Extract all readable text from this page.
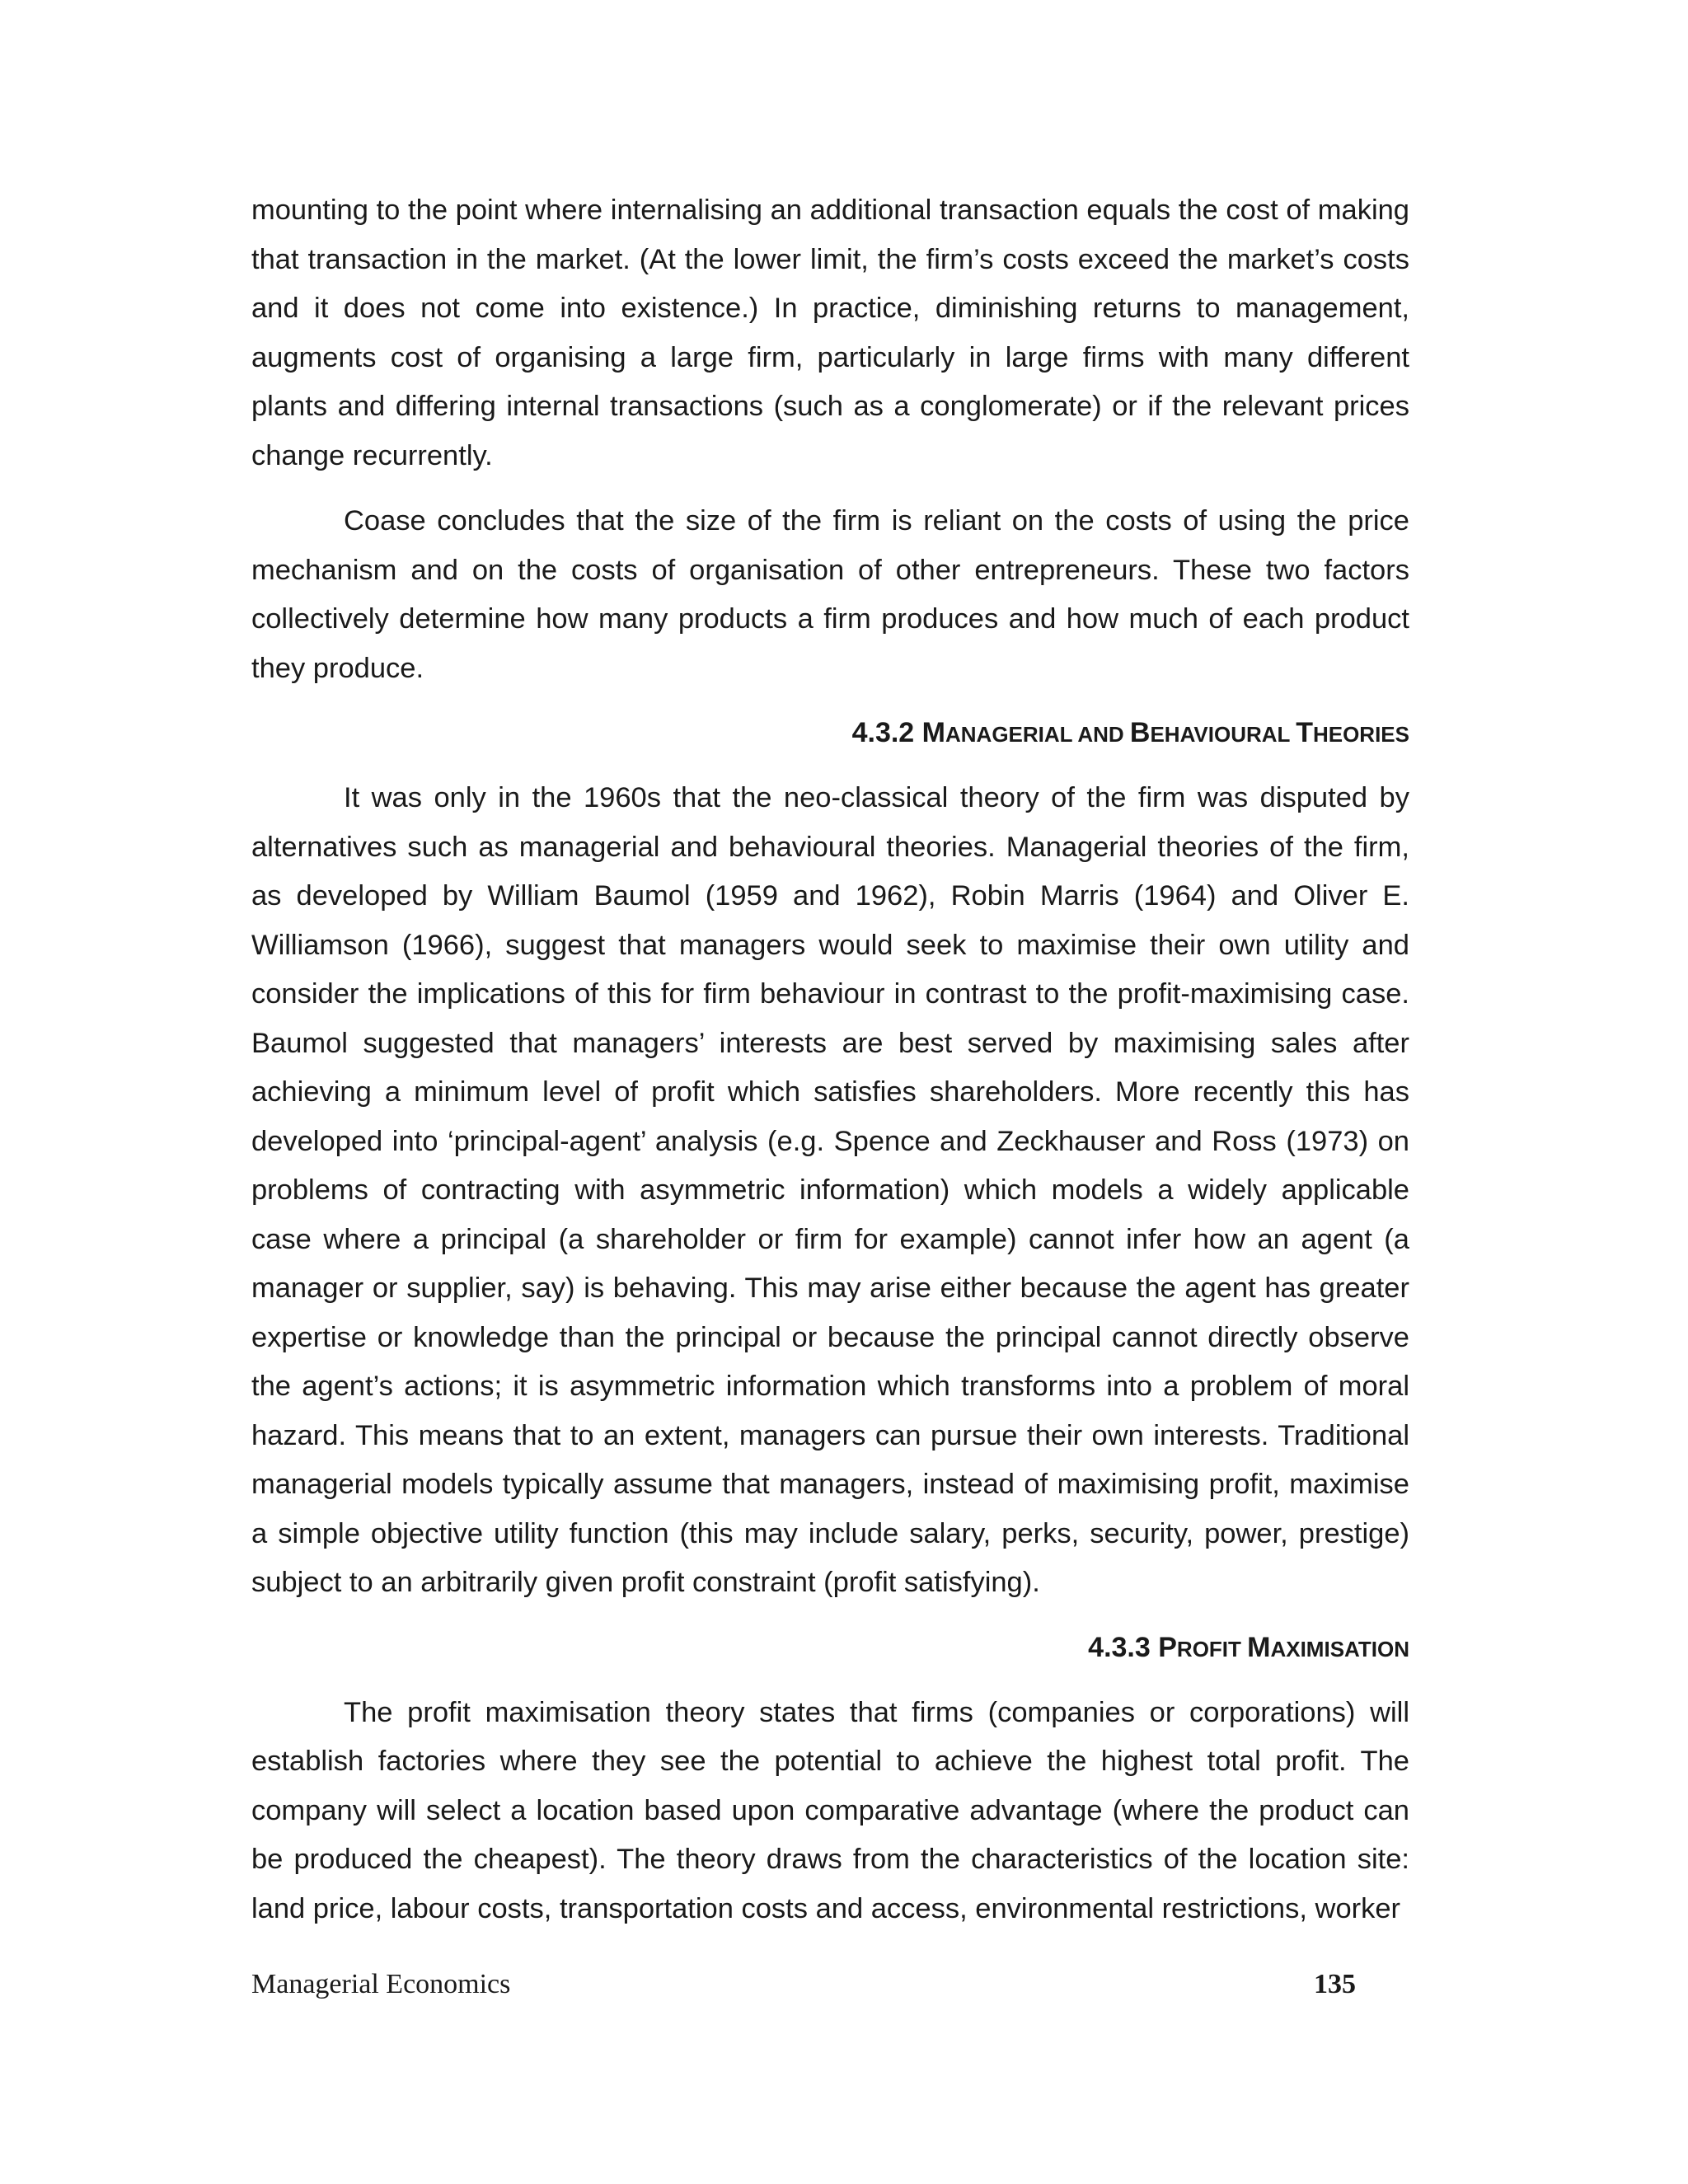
mounting to the point where internalising an additional transaction equals the cost of making that transaction in the market. (At the lower limit, the firm’s costs exceed the market’s costs and it does not come into existence.) In practice, diminishing returns to management, augments cost of organising a large firm, particularly in large firms with many different plants and differing internal transactions (such as a conglomerate) or if the relevant prices change recurrently.

Coase concludes that the size of the firm is reliant on the costs of using the price mechanism and on the costs of organisation of other entrepreneurs. These two factors collectively determine how many products a firm produces and how much of each product they produce.

4.3.2 MANAGERIAL AND BEHAVIOURAL THEORIES

It was only in the 1960s that the neo-classical theory of the firm was disputed by alternatives such as managerial and behavioural theories. Managerial theories of the firm, as developed by William Baumol (1959 and 1962), Robin Marris (1964) and Oliver E. Williamson (1966), suggest that managers would seek to maximise their own utility and consider the implications of this for firm behaviour in contrast to the profit-maximising case. Baumol suggested that managers’ interests are best served by maximising sales after achieving a minimum level of profit which satisfies shareholders. More recently this has developed into ‘principal-agent’ analysis (e.g. Spence and Zeckhauser and Ross (1973) on problems of contracting with asymmetric information) which models a widely applicable case where a principal (a shareholder or firm for example) cannot infer how an agent (a manager or supplier, say) is behaving. This may arise either because the agent has greater expertise or knowledge than the principal or because the principal cannot directly observe the agent’s actions; it is asymmetric information which transforms into a problem of moral hazard. This means that to an extent, managers can pursue their own interests. Traditional managerial models typically assume that managers, instead of maximising profit, maximise a simple objective utility function (this may include salary, perks, security, power, prestige) subject to an arbitrarily given profit constraint (profit satisfying).

4.3.3 PROFIT MAXIMISATION

The profit maximisation theory states that firms (companies or corporations) will establish factories where they see the potential to achieve the highest total profit. The company will select a location based upon comparative advantage (where the product can be produced the cheapest). The theory draws from the characteristics of the location site: land price, labour costs, transportation costs and access, environmental restrictions, worker

Managerial Economics	135
